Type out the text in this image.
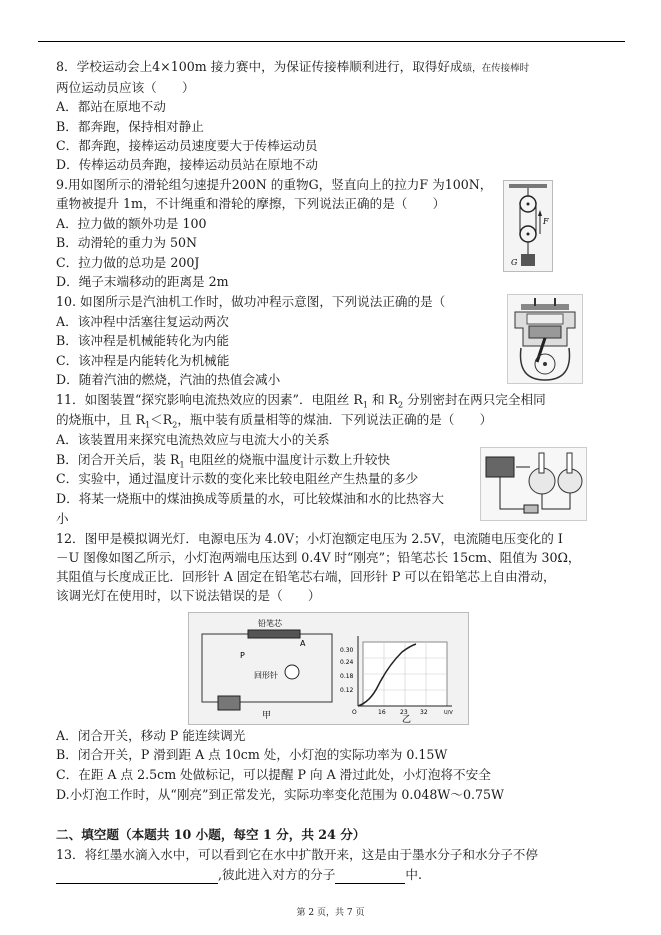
8．学校运动会上4×100m 接力赛中，为保证传接棒顺利进行，取得好成绩，在传接棒时
两位运动员应该（　　）
A．都站在原地不动
B．都奔跑，保持相对静止
C．都奔跑，接棒运动员速度要大于传棒运动员
D．传棒运动员奔跑，接棒运动员站在原地不动
9.用如图所示的滑轮组匀速提升200N 的重物G，竖直向上的拉力F 为100N，
重物被提升 1m，不计绳重和滑轮的摩擦，下列说法正确的是（　　）
A．拉力做的额外功是 100
B．动滑轮的重力为 50N
C．拉力做的总功是 200J
D．绳子末端移动的距离是 2m
F
G
10. 如图所示是汽油机工作时，做功冲程示意图，下列说法正确的是（
A．该冲程中活塞往复运动两次
B．该冲程是机械能转化为内能
C．该冲程是内能转化为机械能
D．随着汽油的燃烧，汽油的热值会减小
11．如图装置“探究影响电流热效应的因素”．电阻丝 $R_1$ 和 $R_2$ 分别密封在两只完全相同
的烧瓶中，且 $R_1<R_2$，瓶中装有质量相等的煤油．下列说法正确的是（　　）
A．该装置用来探究电流热效应与电流大小的关系
B．闭合开关后，装 $R_1$ 电阻丝的烧瓶中温度计示数上升较快
C．实验中，通过温度计示数的变化来比较电阻丝产生热量的多少
D．将某一烧瓶中的煤油换成等质量的水，可比较煤油和水的比热容大
小
12．图甲是模拟调光灯．电源电压为 4.0V；小灯泡额定电压为 2.5V，电流随电压变化的 I
－U 图像如图乙所示，小灯泡两端电压达到 0.4V 时“刚亮”；铅笔芯长 15cm、阻值为 30Ω，
其阻值与长度成正比．回形针 A 固定在铅笔芯右端，回形针 P 可以在铅笔芯上自由滑动，
该调光灯在使用时，以下说法错误的是（　　）
铅笔芯
A
P
回形针
甲
0.30
0.24
0.18
0.12
O	16 23 32	U/V
乙
A．闭合开关，移动 P 能连续调光
B．闭合开关，P 滑到距 A 点 10cm 处，小灯泡的实际功率为 0.15W
C．在距 A 点 2.5cm 处做标记，可以提醒 P 向 A 滑过此处，小灯泡将不安全
D.小灯泡工作时，从“刚亮”到正常发光，实际功率变化范围为 0.048W～0.75W
二、填空题（本题共 10 小题，每空 1 分，共 24 分）
13．将红墨水滴入水中，可以看到它在水中扩散开来，这是由于墨水分子和水分子不停
,彼此进入对方的分子	中.
第 2 页，共 7 页
